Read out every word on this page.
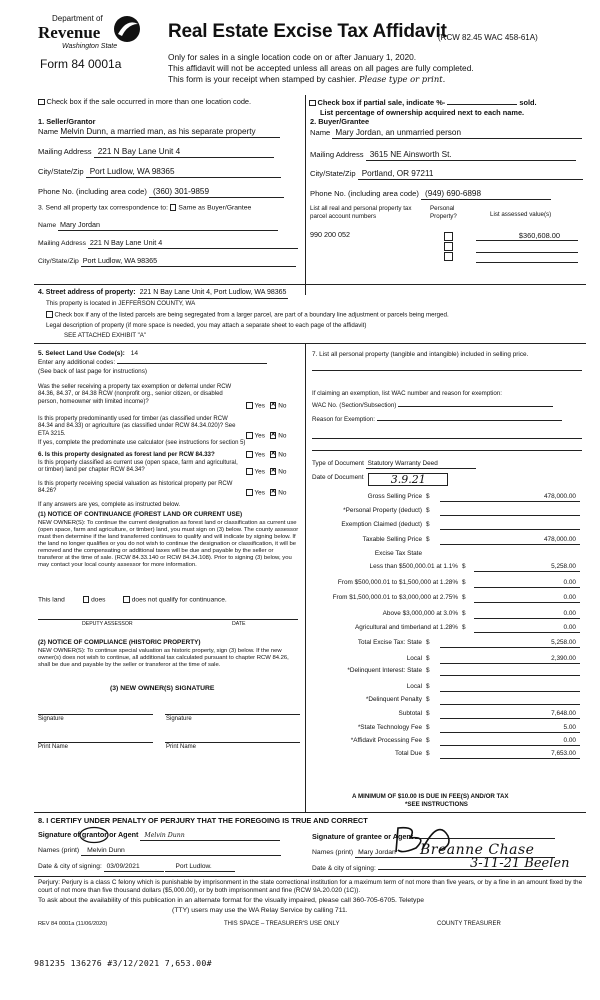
Department of
Revenue
Washington State
Form 84 0001a
Real Estate Excise Tax Affidavit
(RCW 82.45 WAC 458-61A)
Only for sales in a single location code on or after January 1, 2020.
This affidavit will not be accepted unless all areas on all pages are fully completed.
This form is your receipt when stamped by cashier. Please type or print.
Check box if the sale occurred in more than one location code.	Check box if partial sale, indicate %-	sold.
List percentage of ownership acquired next to each name.
1. Seller/Grantor
Name Melvin Dunn, a married man, as his separate property
Mailing Address 221 N Bay Lane Unit 4
City/State/Zip Port Ludlow, WA 98365
Phone No. (including area code) (360) 301-9859
2. Buyer/Grantee
Name Mary Jordan, an unmarried person
Mailing Address 3615 NE Ainsworth St.
City/State/Zip Portland, OR 97211
Phone No. (including area code) (949) 690-6898
3. Send all property tax correspondence to: Same as Buyer/Grantee
Name Mary Jordan
Mailing Address 221 N Bay Lane Unit 4
City/State/Zip Port Ludlow, WA 98365
List all real and personal property tax parcel account numbers
Personal Property?	List assessed value(s)
990 200 052	$360,608.00
4. Street address of property: 221 N Bay Lane Unit 4, Port Ludlow, WA 98365
This property is located in JEFFERSON COUNTY, WA
Check box if any of the listed parcels are being segregated from a larger parcel, are part of a boundary line adjustment or parcels being merged.
Legal description of property (if more space is needed, you may attach a separate sheet to each page of the affidavit)
SEE ATTACHED EXHIBIT "A"
5. Select Land Use Code(s): 14
Enter any additional codes:
(See back of last page for instructions)
Was the seller receiving a property tax exemption or deferral under RCW 84.36, 84.37, or 84.38 RCW (nonprofit org., senior citizen, or disabled person, homeowner with limited income)?
Yes ✕ No
Is this property predominantly used for timber (as classified under RCW 84.34 and 84.33) or agriculture (as classified under RCW 84.34.020)? See ETA 3215.	Yes ✕ No
If yes, complete the predominate use calculator (see instructions for section 5)
6. Is this property designated as forest land per RCW 84.33?	Yes ✕ No
Is this property classified as current use (open space, farm and agricultural, or timber) land per chapter RCW 84.34?	Yes ✕ No
Is this property receiving special valuation as historical property per RCW 84.26?	Yes ✕ No
If any answers are yes, complete as instructed below.
(1) NOTICE OF CONTINUANCE (FOREST LAND OR CURRENT USE)
NEW OWNER(S): To continue the current designation as forest land or classification as current use (open space, farm and agriculture, or timber) land, you must sign on (3) below. The county assessor must then determine if the land transferred continues to qualify and will indicate by signing below. If the land no longer qualifies or you do not wish to continue the designation or classification, it will be removed and the compensating or additional taxes will be due and payable by the seller or transferor at the time of sale. (RCW 84.33.140 or RCW 84.34.108). Prior to signing (3) below, you may contact your local county assessor for more information.
This land	does	does not qualify for continuance.
DEPUTY ASSESSOR	DATE
(2) NOTICE OF COMPLIANCE (HISTORIC PROPERTY)
NEW OWNER(S): To continue special valuation as historic property, sign (3) below. If the new owner(s) does not wish to continue, all additional tax calculated pursuant to chapter RCW 84.26, shall be due and payable by the seller or transferor at the time of sale.
(3) NEW OWNER(S) SIGNATURE
Signature	Signature
Print Name	Print Name
7. List all personal property (tangible and intangible) included in selling price.
If claiming an exemption, list WAC number and reason for exemption:
WAC No. (Section/Subsection)
Reason for Exemption:
Type of Document Statutory Warranty Deed
Date of Document 3.9.21
Gross Selling Price $	478,000.00
*Personal Property (deduct) $
Exemption Claimed (deduct) $
Taxable Selling Price $	478,000.00
Excise Tax State
Less than $500,000.01 at 1.1% $	5,258.00
From $500,000.01 to $1,500,000 at 1.28% $	0.00
From $1,500,000.01 to $3,000,000 at 2.75% $	0.00
Above $3,000,000 at 3.0% $	0.00
Agricultural and timberland at 1.28% $	0.00
Total Excise Tax: State $	5,258.00
Local $	2,390.00
*Delinquent Interest: State $
Local $
*Delinquent Penalty $
Subtotal $	7,648.00
*State Technology Fee $	5.00
*Affidavit Processing Fee $	0.00
Total Due $	7,653.00
A MINIMUM OF $10.00 IS DUE IN FEE(S) AND/OR TAX
*SEE INSTRUCTIONS
8. I CERTIFY UNDER PENALTY OF PERJURY THAT THE FOREGOING IS TRUE AND CORRECT
Signature of grantor or Agent Melvin Dunn	Signature of grantee or Agent
Names (print) Melvin Dunn	Names (print) Mary Jordan
Date & city of signing: 03/09/2021	Port Ludlow.	Date & city of signing:
Breanne Chase
3-11-21 Beelen
Perjury: Perjury is a class C felony which is punishable by imprisonment in the state correctional institution for a maximum term of not more than five years, or by a fine in an amount fixed by the court of not more than five thousand dollars ($5,000.00), or by both imprisonment and fine (RCW 9A.20.020 (1C)).
To ask about the availability of this publication in an alternate format for the visually impaired, please call 360-705-6705. Teletype
(TTY) users may use the WA Relay Service by calling 711.
REV 84 0001a (11/06/2020)	THIS SPACE – TREASURER'S USE ONLY	COUNTY TREASURER
981235 136276 #3/12/2021 7,653.00#
